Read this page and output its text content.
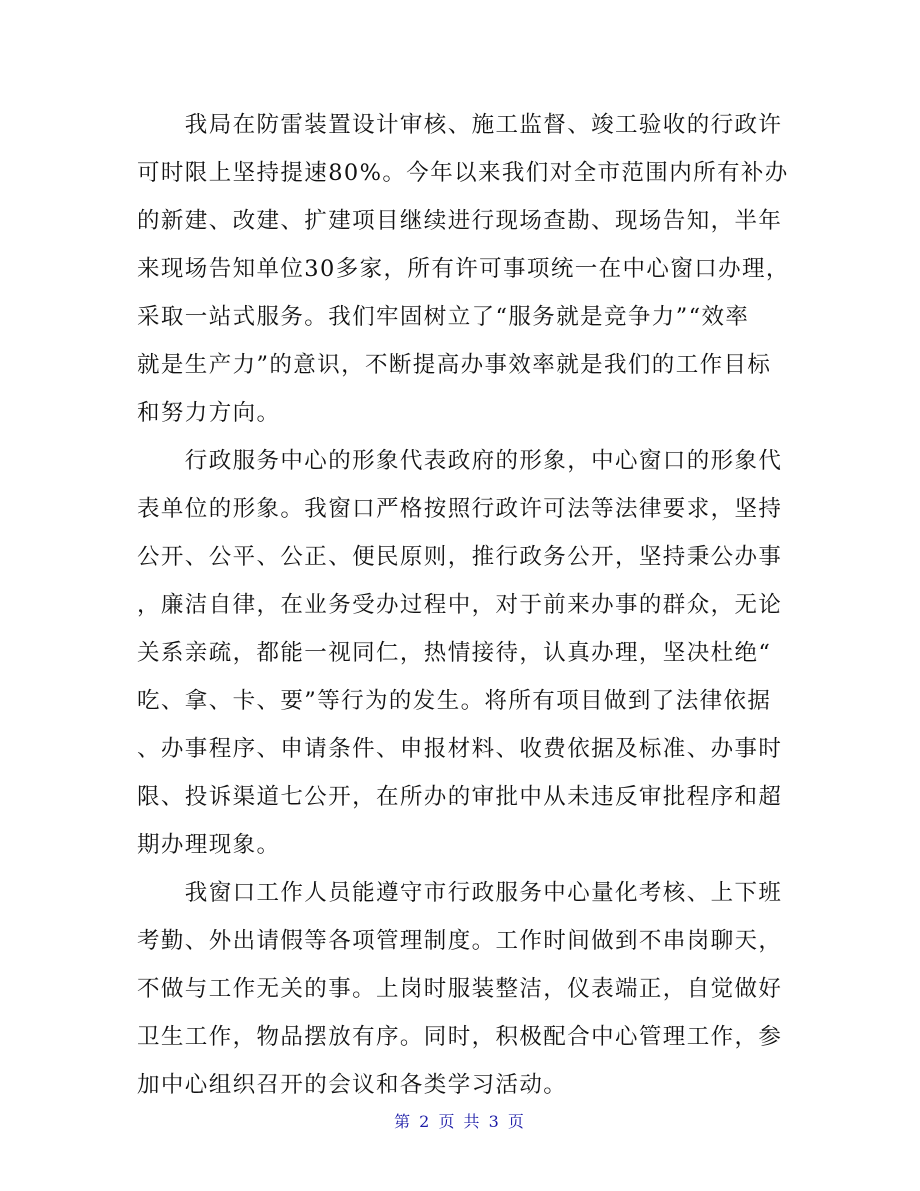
　　我局在防雷装置设计审核、施工监督、竣工验收的行政许
可时限上坚持提速80%。今年以来我们对全市范围内所有补办
的新建、改建、扩建项目继续进行现场查勘、现场告知，半年
来现场告知单位30多家，所有许可事项统一在中心窗口办理，
采取一站式服务。我们牢固树立了“服务就是竞争力”“效率
就是生产力”的意识，不断提高办事效率就是我们的工作目标
和努力方向。
　　行政服务中心的形象代表政府的形象，中心窗口的形象代
表单位的形象。我窗口严格按照行政许可法等法律要求，坚持
公开、公平、公正、便民原则，推行政务公开，坚持秉公办事
，廉洁自律，在业务受办过程中，对于前来办事的群众，无论
关系亲疏，都能一视同仁，热情接待，认真办理，坚决杜绝“
吃、拿、卡、要”等行为的发生。将所有项目做到了法律依据
、办事程序、申请条件、申报材料、收费依据及标准、办事时
限、投诉渠道七公开，在所办的审批中从未违反审批程序和超
期办理现象。
　　我窗口工作人员能遵守市行政服务中心量化考核、上下班
考勤、外出请假等各项管理制度。工作时间做到不串岗聊天，
不做与工作无关的事。上岗时服装整洁，仪表端正，自觉做好
卫生工作，物品摆放有序。同时，积极配合中心管理工作，参
加中心组织召开的会议和各类学习活动。
第 2 页 共 3 页
